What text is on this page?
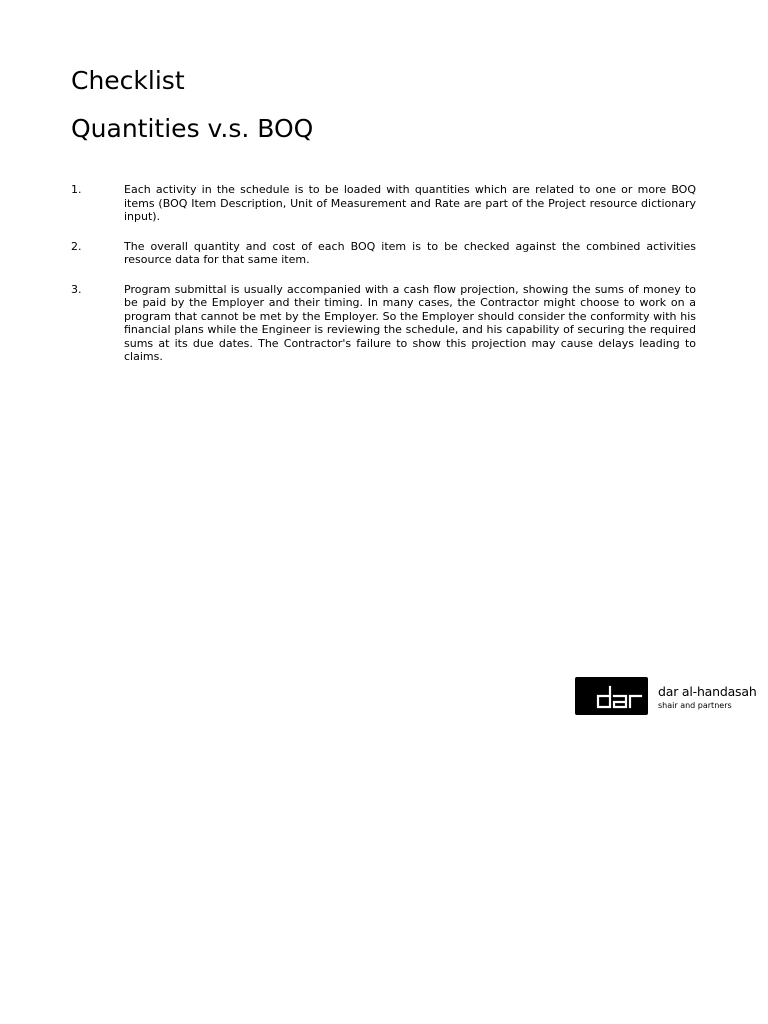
Checklist
Quantities v.s. BOQ
1.	Each activity in the schedule is to be loaded with quantities which are related to one or more BOQ items (BOQ Item Description, Unit of Measurement and Rate are part of the Project resource dictionary input).
2.	The overall quantity and cost of each BOQ item is to be checked against the combined activities resource data for that same item.
3.	Program submittal is usually accompanied with a cash flow projection, showing the sums of money to be paid by the Employer and their timing. In many cases, the Contractor might choose to work on a program that cannot be met by the Employer. So the Employer should consider the conformity with his financial plans while the Engineer is reviewing the schedule, and his capability of securing the required sums at its due dates. The Contractor's failure to show this projection may cause delays leading to claims.
dar al-handasah
shair and partners
